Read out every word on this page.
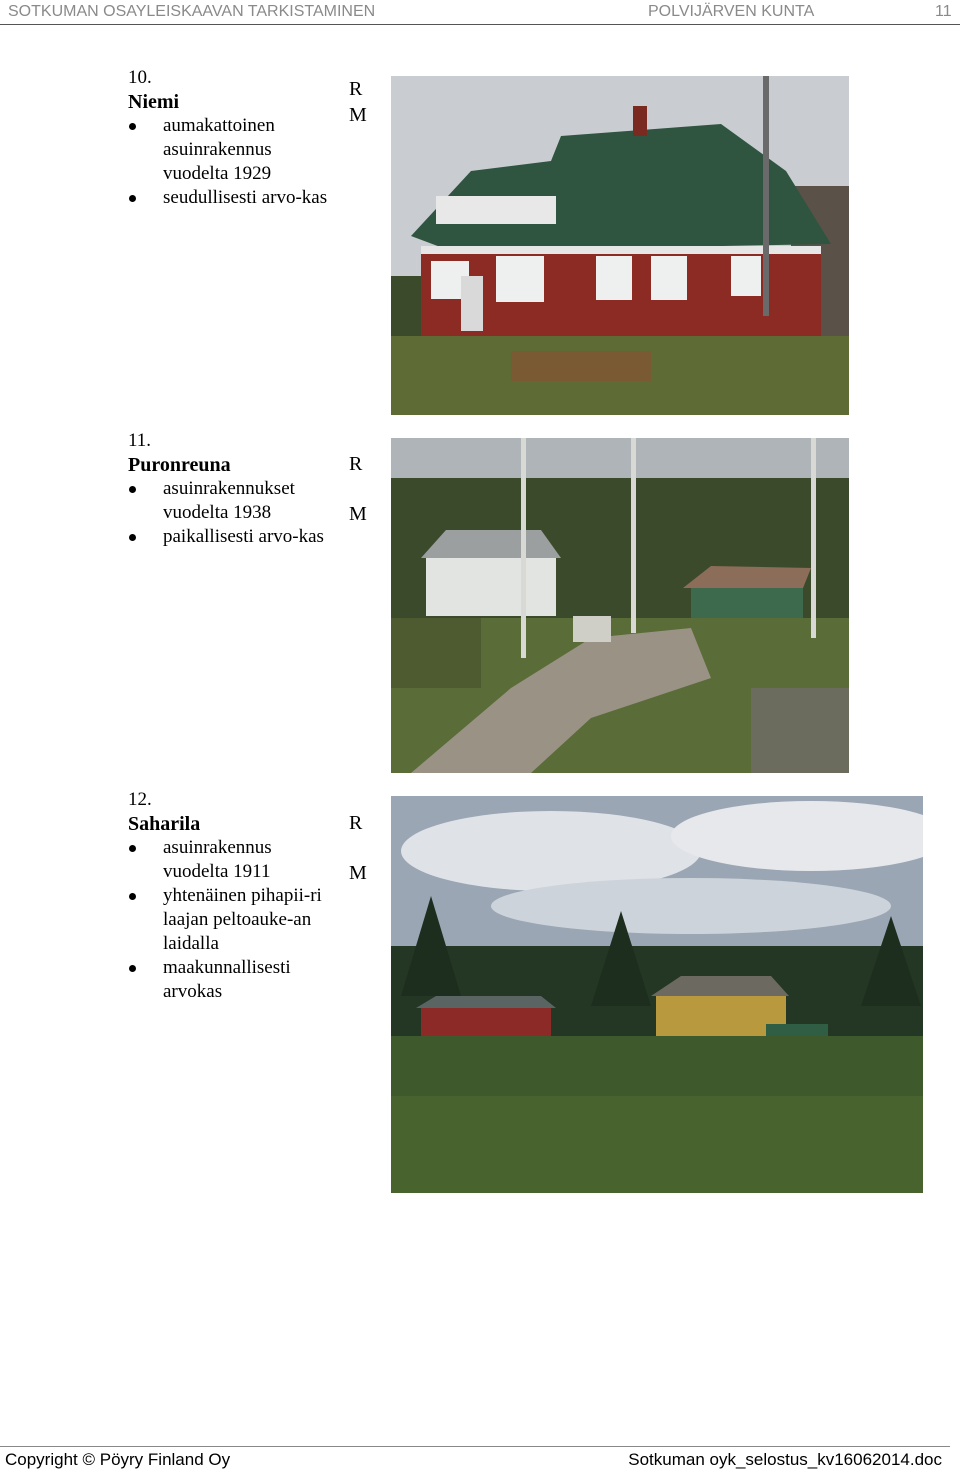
SOTKUMAN OSAYLEISKAAVAN TARKISTAMINEN	POLVIJÄRVEN KUNTA	11
10.
Niemi
aumakattoinen asuinrakennus vuodelta 1929
seudullisesti arvo-kas
R
M
11.
Puronreuna
asuinrakennukset vuodelta 1938
paikallisesti arvo-kas
R
M
12.
Saharila
asuinrakennus vuodelta 1911
yhtenäinen pihapii-ri laajan peltoauke-an laidalla
maakunnallisesti arvokas
R
M
Copyright © Pöyry Finland Oy	Sotkuman oyk_selostus_kv16062014.doc
